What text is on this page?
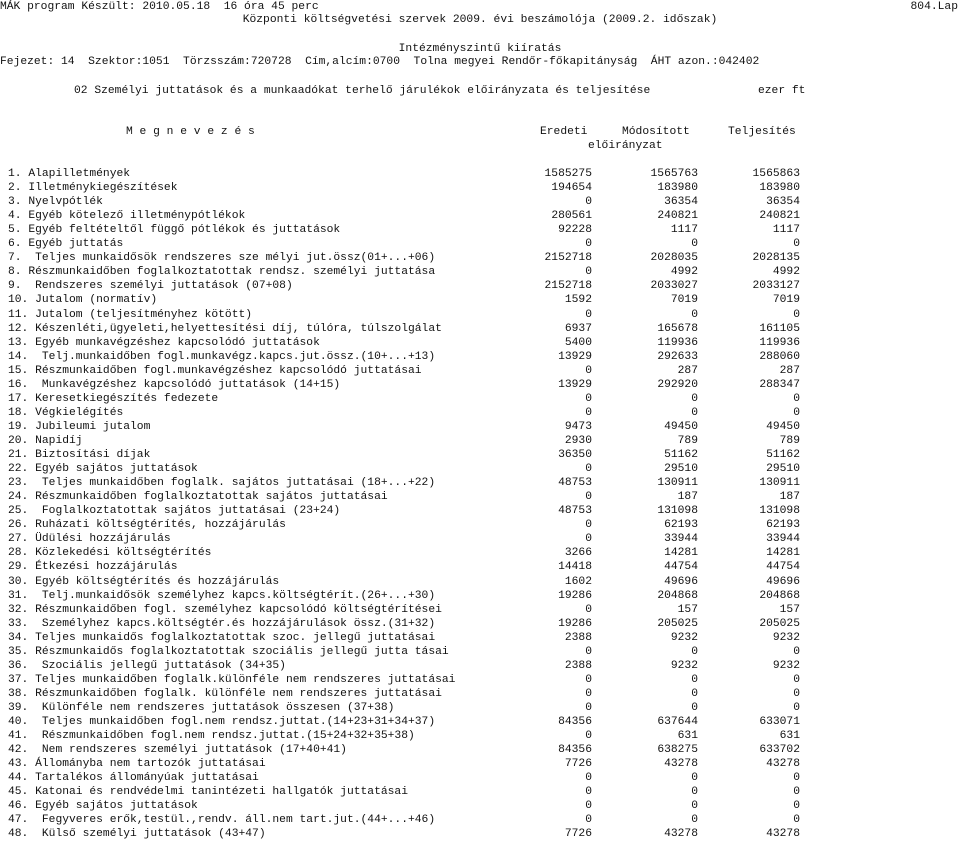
MÁK program Készült: 2010.05.18  16 óra 45 perc	804.Lap
Központi költségvetési szervek 2009. évi beszámolója (2009.2. időszak)
Intézményszintű kiíratás
Fejezet: 14  Szektor:1051  Törzsszám:720728  Cím,alcím:0700  Tolna megyei Rendőr-főkapitányság  ÁHT azon.:042402
02 Személyi juttatások és a munkaadókat terhelő járulékok előirányzata és teljesítése	ezer ft
M e g n e v e z é s	Eredeti	Módosított	Teljesítés
előirányzat
1. Alapilletmények	1585275	1565763	1565863
2. Illetménykiegészítések	194654	183980	183980
3. Nyelvpótlék	0	36354	36354
4. Egyéb kötelező illetménypótlékok	280561	240821	240821
5. Egyéb feltételtől függő pótlékok és juttatások	92228	1117	1117
6. Egyéb juttatás	0	0	0
7.  Teljes munkaidősök rendszeres sze mélyi jut.össz(01+...+06)	2152718	2028035	2028135
8. Részmunkaidőben foglalkoztatottak rendsz. személyi juttatása	0	4992	4992
9.  Rendszeres személyi juttatások (07+08)	2152718	2033027	2033127
10. Jutalom (normatív)	1592	7019	7019
11. Jutalom (teljesítményhez kötött)	0	0	0
12. Készenléti,ügyeleti,helyettesítési díj, túlóra, túlszolgálat	6937	165678	161105
13. Egyéb munkavégzéshez kapcsolódó juttatások	5400	119936	119936
14.  Telj.munkaidőben fogl.munkavégz.kapcs.jut.össz.(10+...+13)	13929	292633	288060
15. Részmunkaidőben fogl.munkavégzéshez kapcsolódó juttatásai	0	287	287
16.  Munkavégzéshez kapcsolódó juttatások (14+15)	13929	292920	288347
17. Keresetkiegészítés fedezete	0	0	0
18. Végkielégítés	0	0	0
19. Jubileumi jutalom	9473	49450	49450
20. Napidíj	2930	789	789
21. Biztosítási díjak	36350	51162	51162
22. Egyéb sajátos juttatások	0	29510	29510
23.  Teljes munkaidőben foglalk. sajátos juttatásai (18+...+22)	48753	130911	130911
24. Részmunkaidőben foglalkoztatottak sajátos juttatásai	0	187	187
25.  Foglalkoztatottak sajátos juttatásai (23+24)	48753	131098	131098
26. Ruházati költségtérítés, hozzájárulás	0	62193	62193
27. Üdülési hozzájárulás	0	33944	33944
28. Közlekedési költségtérítés	3266	14281	14281
29. Étkezési hozzájárulás	14418	44754	44754
30. Egyéb költségtérítés és hozzájárulás	1602	49696	49696
31.  Telj.munkaidősök személyhez kapcs.költségtérít.(26+...+30)	19286	204868	204868
32. Részmunkaidőben fogl. személyhez kapcsolódó költségtérítései	0	157	157
33.  Személyhez kapcs.költségtér.és hozzájárulások össz.(31+32)	19286	205025	205025
34. Teljes munkaidős foglalkoztatottak szoc. jellegű juttatásai	2388	9232	9232
35. Részmunkaidős foglalkoztatottak szociális jellegű jutta tásai	0	0	0
36.  Szociális jellegű juttatások (34+35)	2388	9232	9232
37. Teljes munkaidőben foglalk.különféle nem rendszeres juttatásai	0	0	0
38. Részmunkaidőben foglalk. különféle nem rendszeres juttatásai	0	0	0
39.  Különféle nem rendszeres juttatások összesen (37+38)	0	0	0
40.  Teljes munkaidőben fogl.nem rendsz.juttat.(14+23+31+34+37)	84356	637644	633071
41.  Részmunkaidőben fogl.nem rendsz.juttat.(15+24+32+35+38)	0	631	631
42.  Nem rendszeres személyi juttatások (17+40+41)	84356	638275	633702
43. Állományba nem tartozók juttatásai	7726	43278	43278
44. Tartalékos állományúak juttatásai	0	0	0
45. Katonai és rendvédelmi tanintézeti hallgatók juttatásai	0	0	0
46. Egyéb sajátos juttatások	0	0	0
47.  Fegyveres erők,testül.,rendv. áll.nem tart.jut.(44+...+46)	0	0	0
48.  Külső személyi juttatások (43+47)	7726	43278	43278
